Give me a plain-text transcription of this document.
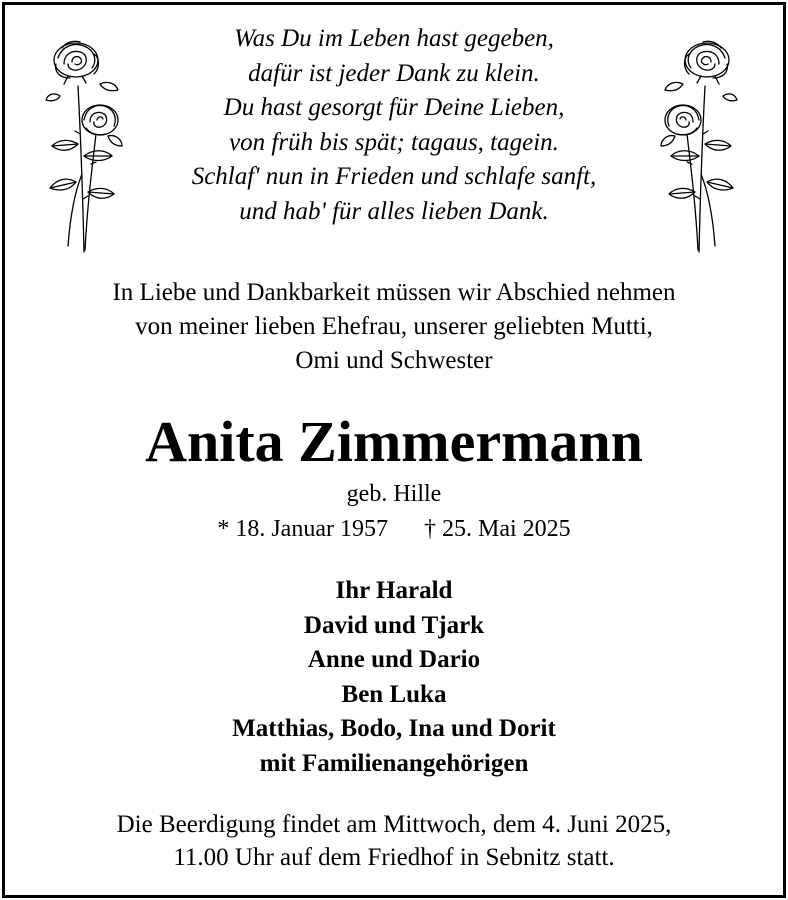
Was Du im Leben hast gegeben,
dafür ist jeder Dank zu klein.
Du hast gesorgt für Deine Lieben,
von früh bis spät; tagaus, tagein.
Schlaf' nun in Frieden und schlafe sanft,
und hab' für alles lieben Dank.
In Liebe und Dankbarkeit müssen wir Abschied nehmen
von meiner lieben Ehefrau, unserer geliebten Mutti,
Omi und Schwester
Anita Zimmermann
geb. Hille
* 18. Januar 1957 † 25. Mai 2025
Ihr Harald
David und Tjark
Anne und Dario
Ben Luka
Matthias, Bodo, Ina und Dorit
mit Familienangehörigen
Die Beerdigung findet am Mittwoch, dem 4. Juni 2025,
11.00 Uhr auf dem Friedhof in Sebnitz statt.
